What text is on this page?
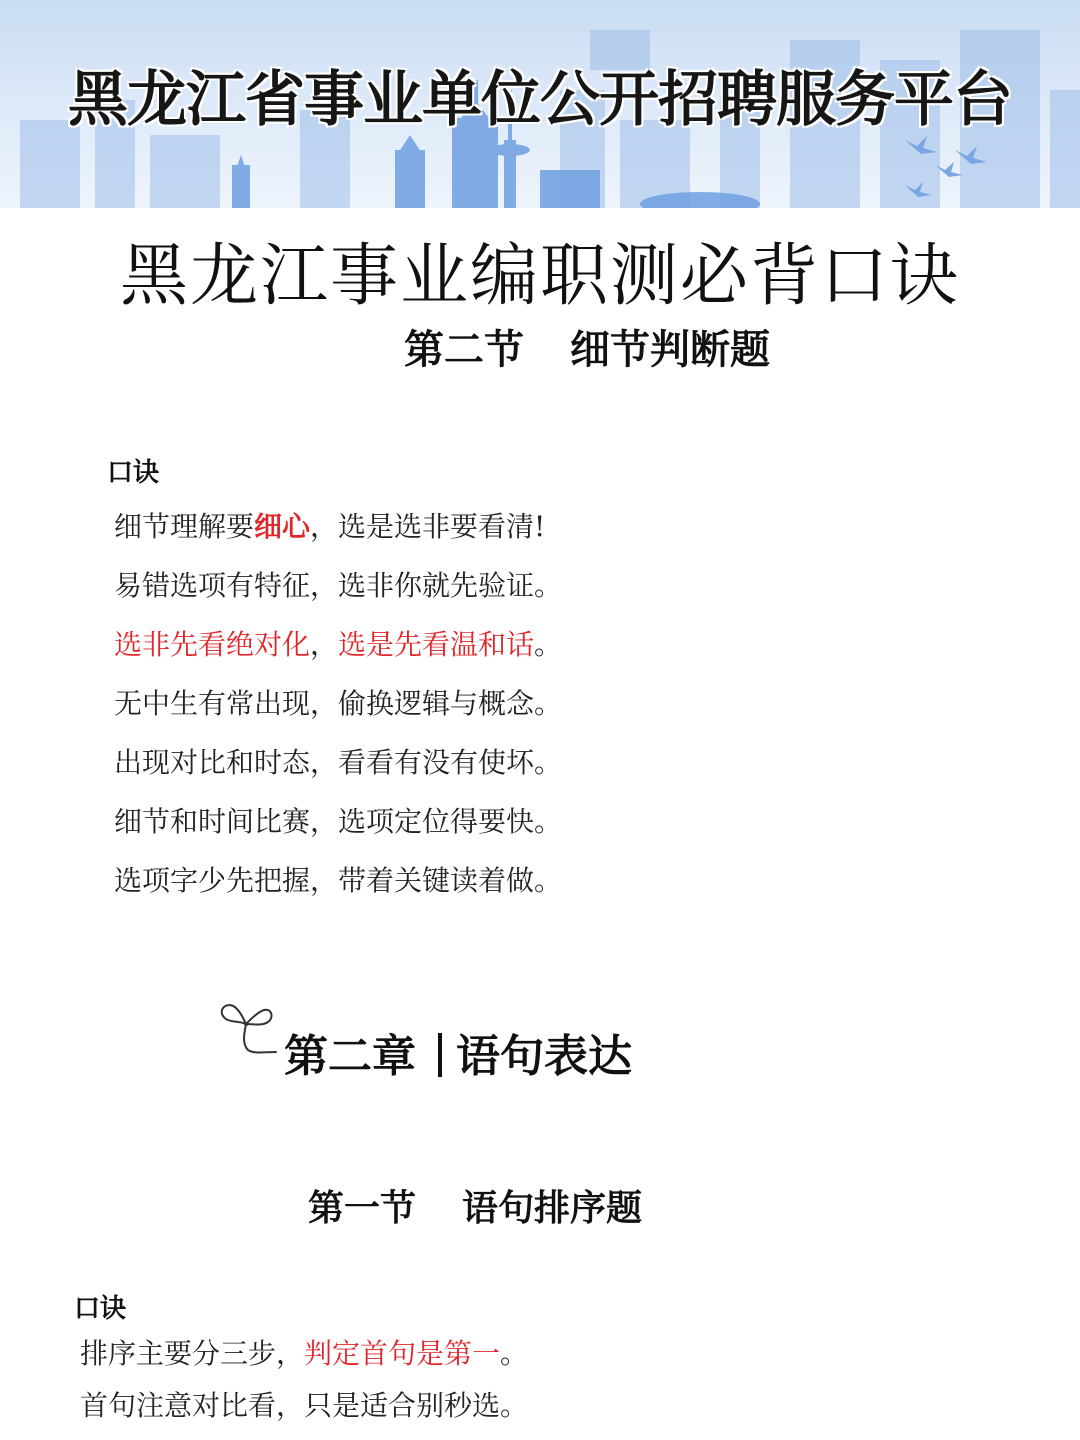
黑龙江省事业单位公开招聘服务平台
黑龙江事业编职测必背口诀
第二节 细节判断题
口诀
细节理解要细心，选是选非要看清!
易错选项有特征，选非你就先验证。
选非先看绝对化，选是先看温和话。
无中生有常出现，偷换逻辑与概念。
出现对比和时态，看看有没有使坏。
细节和时间比赛，选项定位得要快。
选项字少先把握，带着关键读着做。
第二章 语句表达
第一节 语句排序题
口诀
排序主要分三步，判定首句是第一。
首句注意对比看，只是适合别秒选。
